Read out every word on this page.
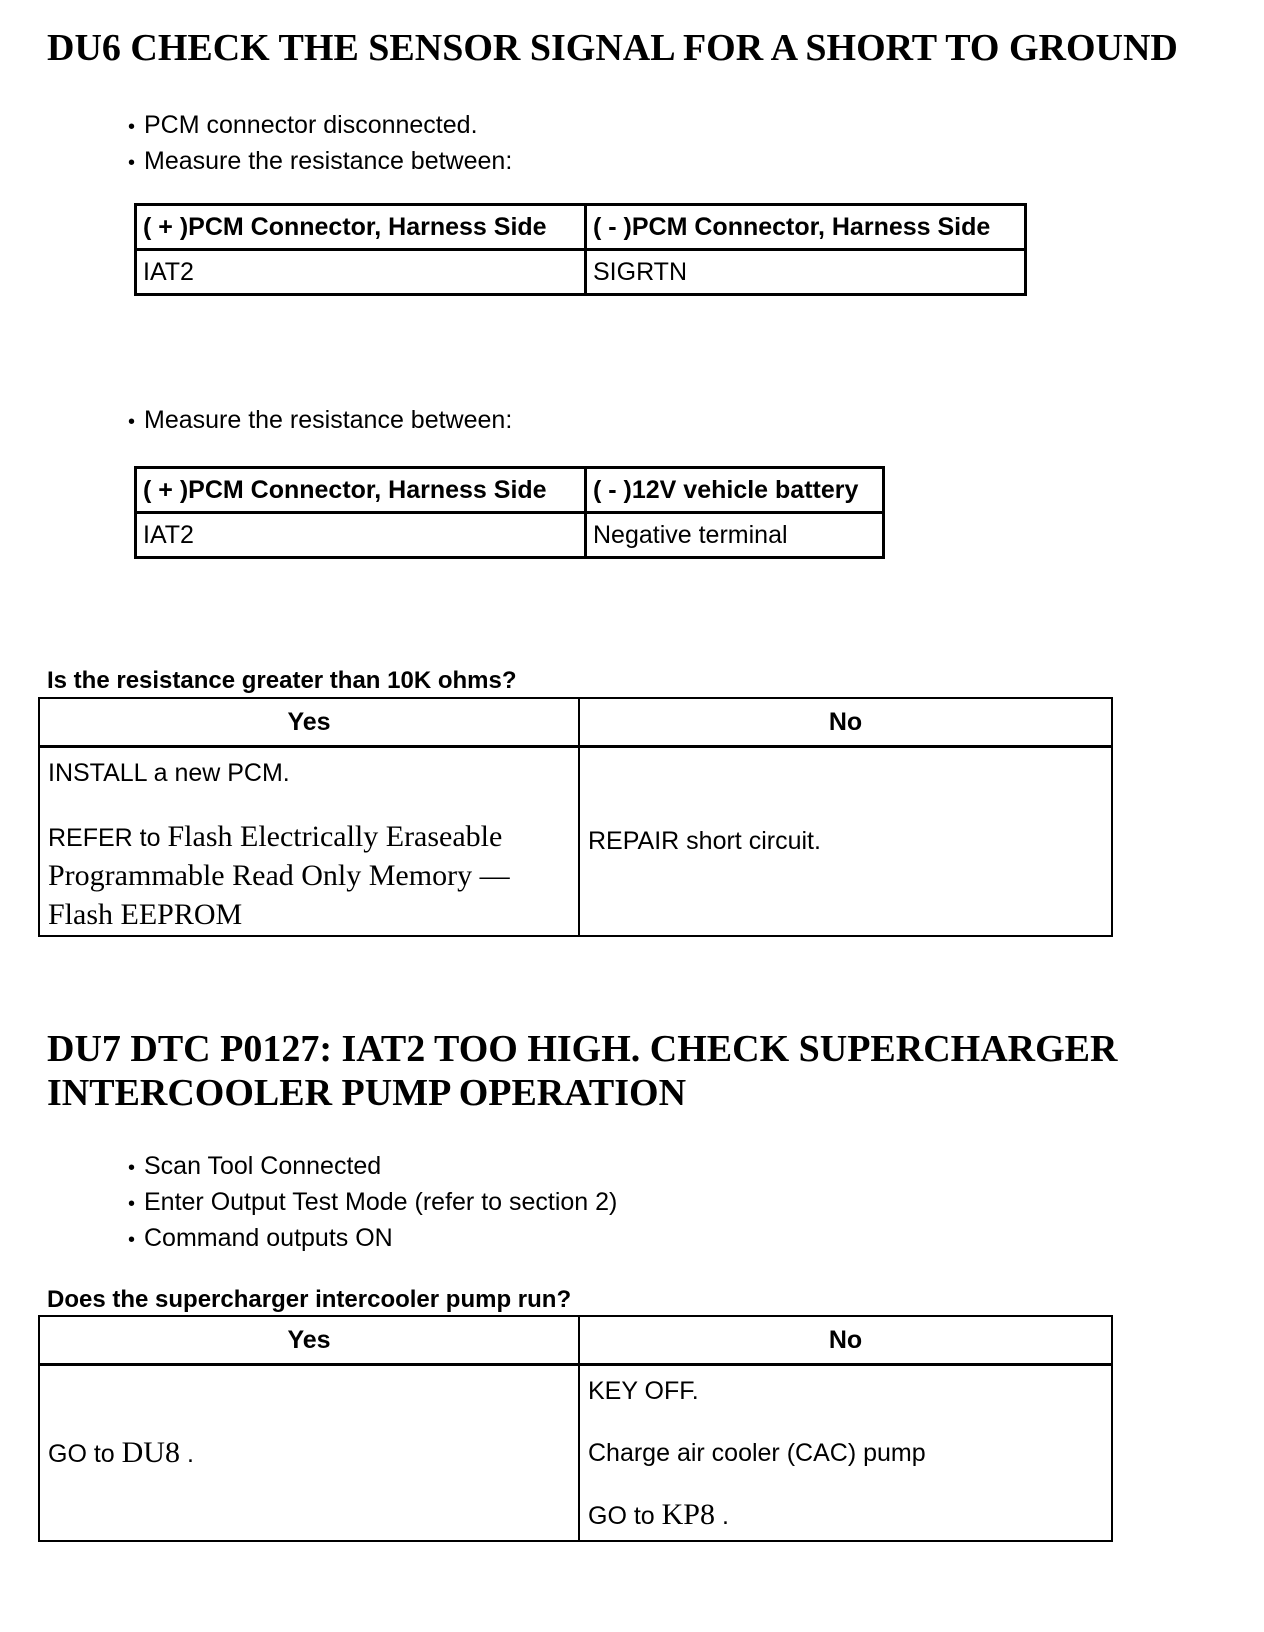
DU6 CHECK THE SENSOR SIGNAL FOR A SHORT TO GROUND
• PCM connector disconnected.
• Measure the resistance between:
( + )PCM Connector, Harness Side	( - )PCM Connector, Harness Side
IAT2	SIGRTN
• Measure the resistance between:
( + )PCM Connector, Harness Side	( - )12V vehicle battery
IAT2	Negative terminal
Is the resistance greater than 10K ohms?
Yes	No

INSTALL a new PCM.

REFER to Flash Electrically Eraseable Programmable Read Only Memory — Flash EEPROM	REPAIR short circuit.
DU7 DTC P0127: IAT2 TOO HIGH. CHECK SUPERCHARGER
INTERCOOLER PUMP OPERATION
• Scan Tool Connected
• Enter Output Test Mode (refer to section 2)
• Command outputs ON
Does the supercharger intercooler pump run?
Yes	No
GO to DU8 .	KEY OFF.

Charge air cooler (CAC) pump

GO to KP8 .
